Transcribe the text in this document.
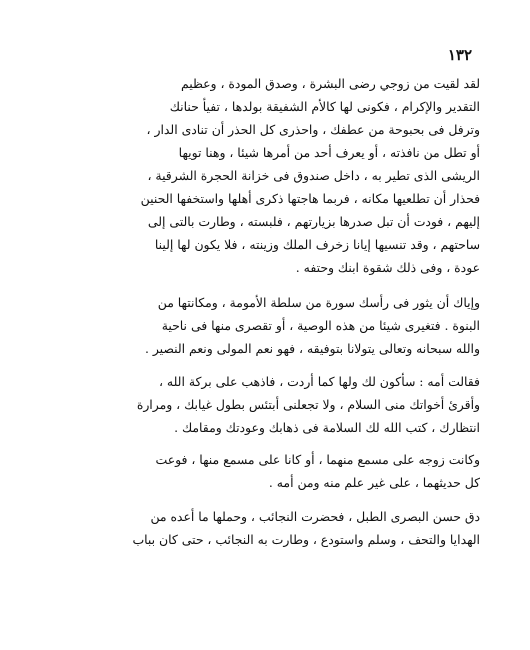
١٣٢
لقد لقيت من زوجي رضى البشرة ، وصدق المودة ، وعظيم
التقدير والإكرام ، فكونى لها كالأم الشفيقة بولدها ، تفيأ حنانك
وترفل فى بحبوحة من عطفك ، واحذرى كل الحذر أن تنادى الدار ،
أو تطل من نافذته ، أو يعرف أحد من أمرها شيئا ، وهنا تويها
الريشى الذى تطير به ، داخل صندوق فى خزانة الحجرة الشرقية ،
فحذار أن تطلعيها مكانه ، فربما هاجتها ذكرى أهلها واستخفها الحنين
إليهم ، فودت أن تبل صدرها بزيارتهم ، فلبسته ، وطارت بالتى إلى
ساحتهم ، وقد تنسيها إيانا زخرف الملك وزينته ، فلا يكون لها إلينا
عودة ، وفى ذلك شقوة ابنك وحتفه .
وإياك أن يثور فى رأسك سورة من سلطة الأمومة ، ومكانتها من
البنوة . فتغيرى شيئا من هذه الوصية ، أو تقصرى منها فى ناحية
والله سبحانه وتعالى يتولانا بتوفيقه ، فهو نعم المولى ونعم النصير .
فقالت أمه : سأكون لك ولها كما أردت ، فاذهب على بركة الله ،
وأقرئ أخواتك منى السلام ، ولا تجعلنى أبتئس بطول غيابك ، ومرارة
انتظارك ، كتب الله لك السلامة فى ذهابك وعودتك ومقامك .
وكانت زوجه على مسمع منهما ، أو كانا على مسمع منها ، فوعت
كل حديثهما ، على غير علم منه ومن أمه .
دق حسن البصرى الطبل ، فحضرت النجائب ، وحملها ما أعده من
الهدايا والتحف ، وسلم واستودع ، وطارت به النجائب ، حتى كان بباب
